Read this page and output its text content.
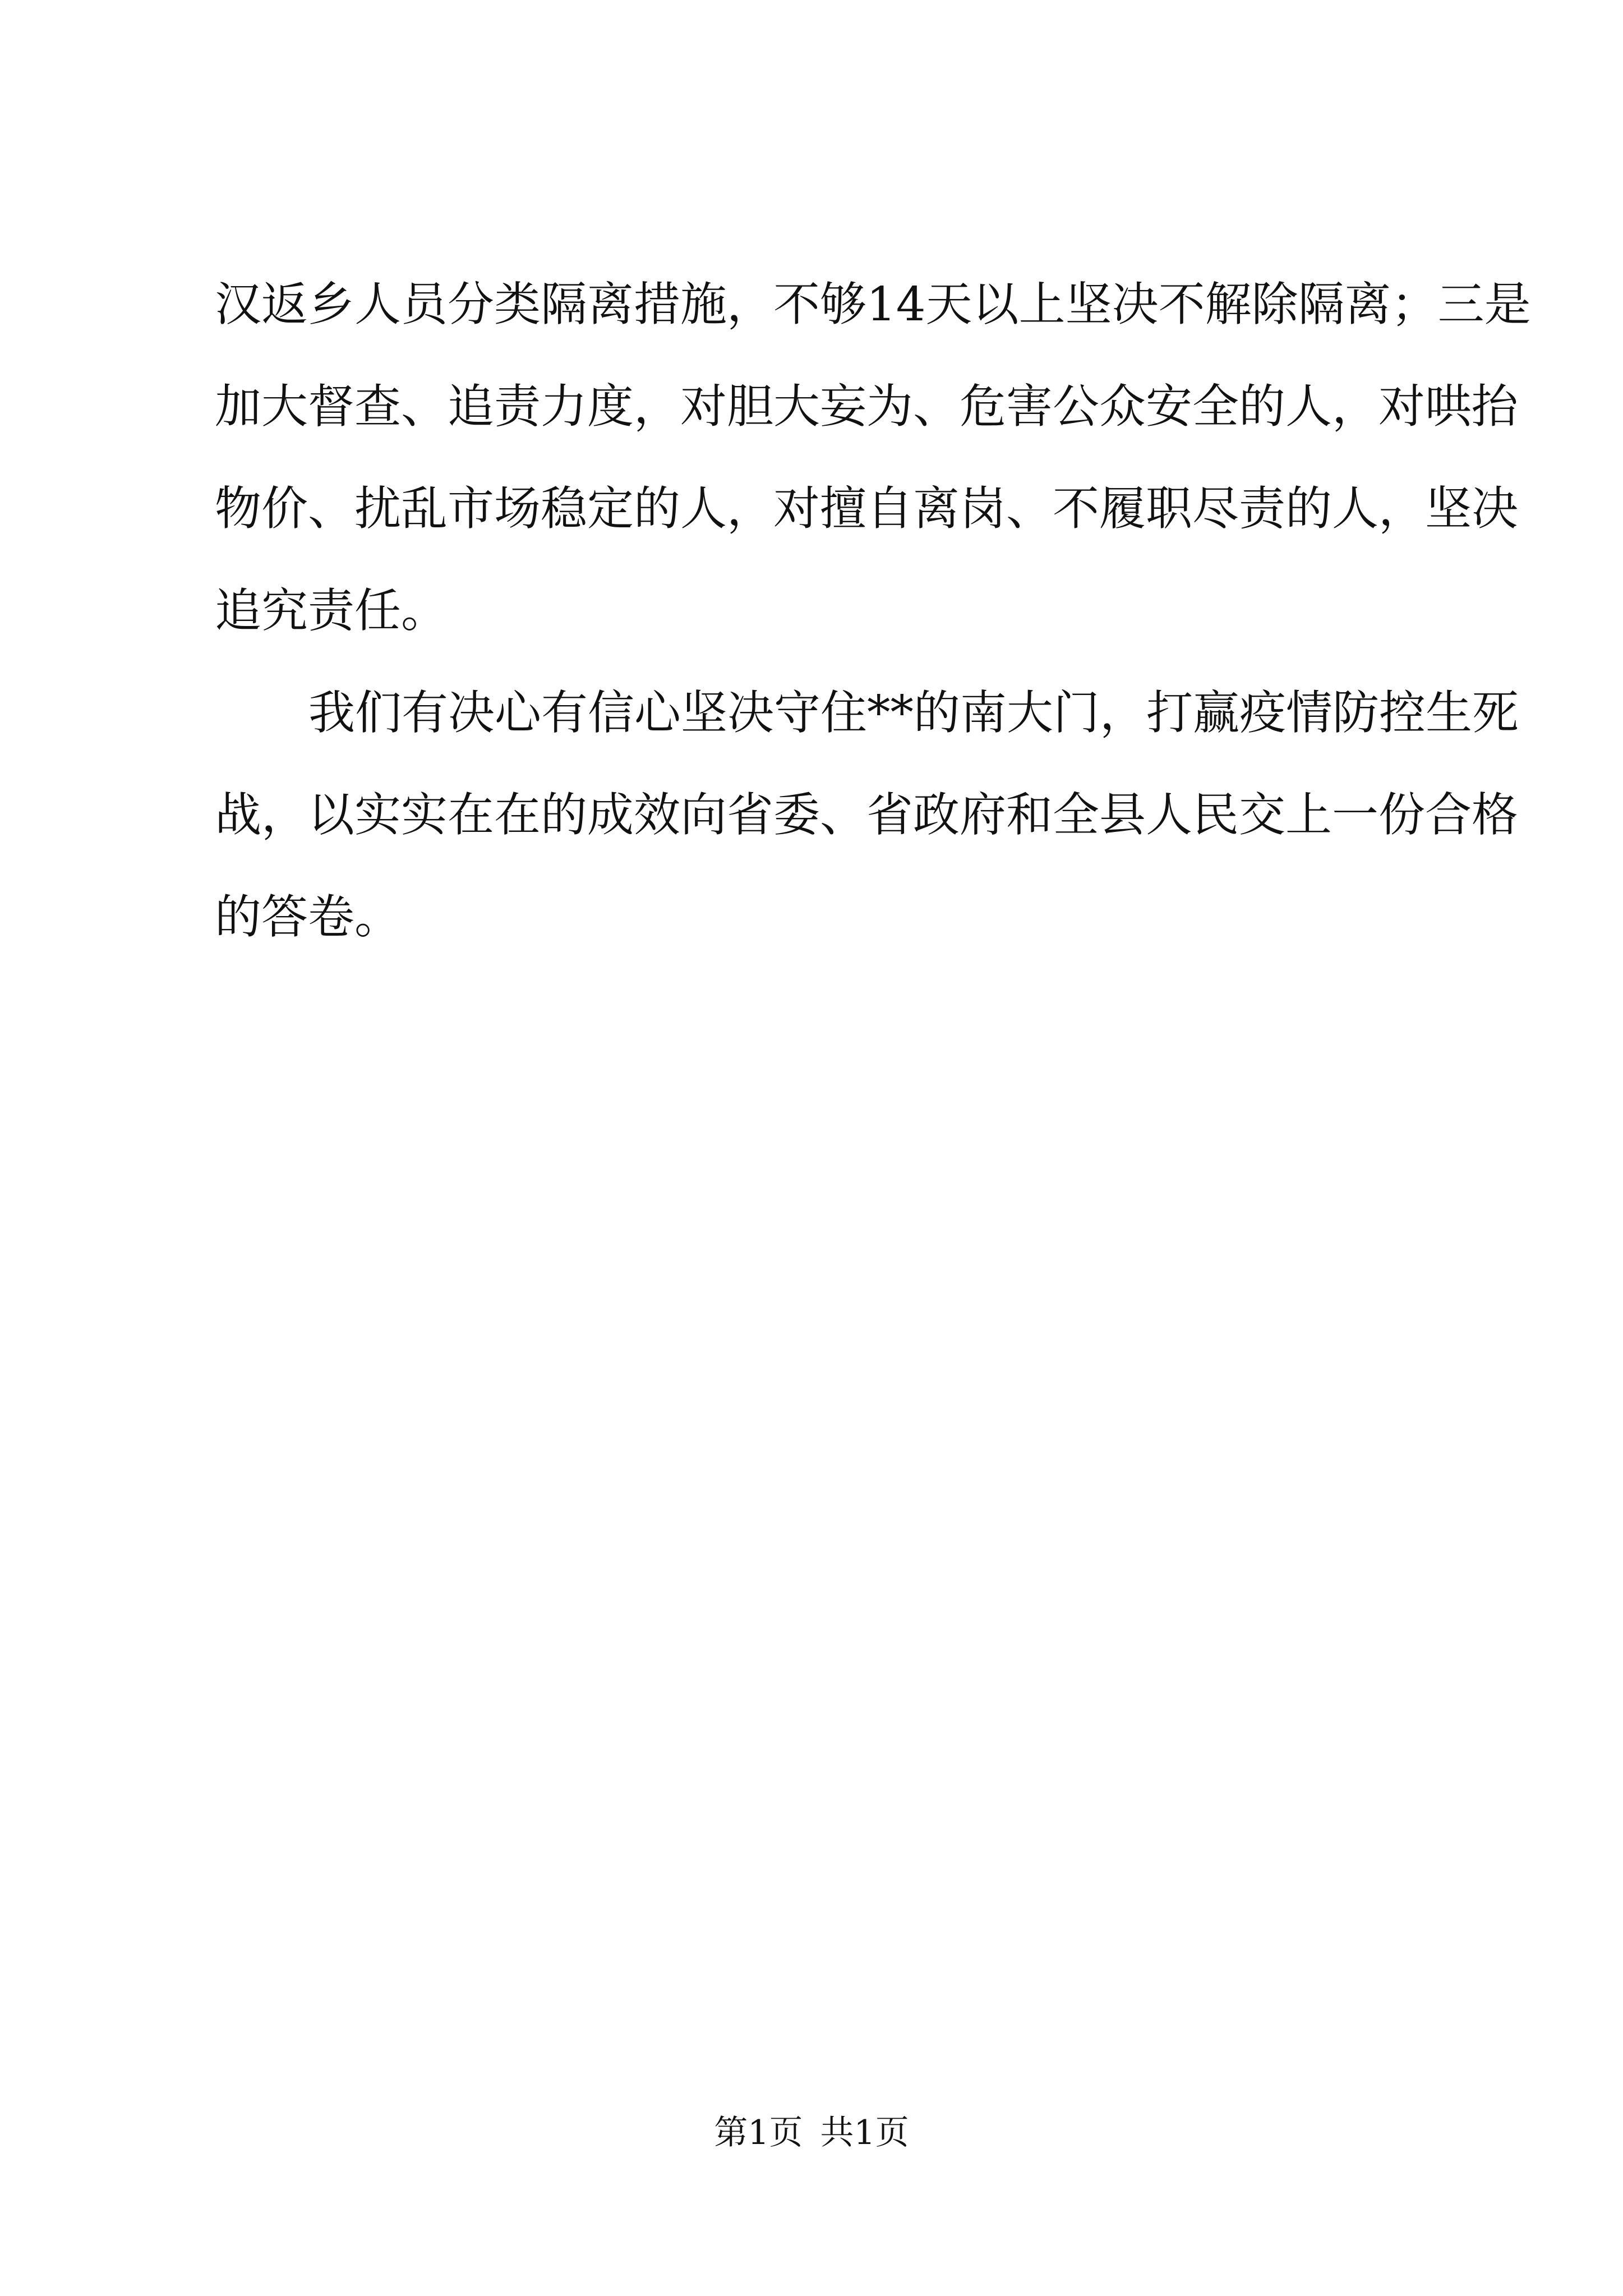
汉返乡人员分类隔离措施，不够14天以上坚决不解除隔离；三是
加大督查、追责力度，对胆大妄为、危害公众安全的人，对哄抬
物价、扰乱市场稳定的人，对擅自离岗、不履职尽责的人，坚决
追究责任。
我们有决心有信心坚决守住**的南大门，打赢疫情防控生死
战，以实实在在的成效向省委、省政府和全县人民交上一份合格
的答卷。
第1页 共1页
